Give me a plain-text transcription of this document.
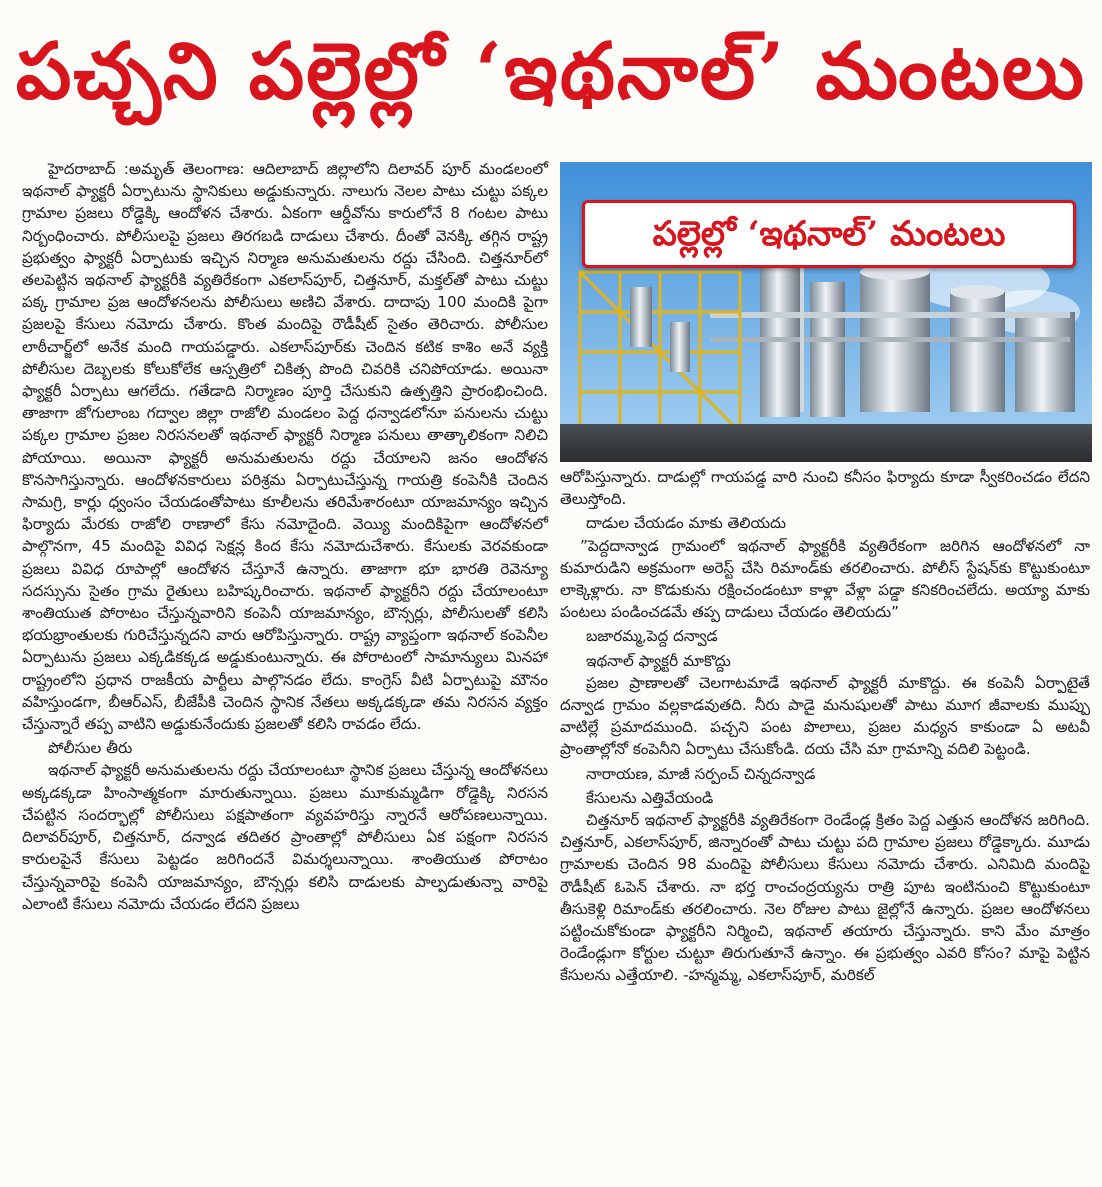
పచ్చని పల్లెల్లో ‘ఇథనాల్’ మంటలు

హైదరాబాద్ :అమృత్ తెలంగాణ: ఆదిలాబాద్ జిల్లాలోని దిలావర్ పూర్ మండలంలో ఇథనాల్ ఫ్యాక్టరీ ఏర్పాటును స్థానికులు అడ్డుకున్నారు. నాలుగు నెలల పాటు చుట్టు పక్కల గ్రామాల ప్రజలు రోడ్డెక్కి ఆందోళన చేశారు. ఏకంగా ఆర్డీవోను కారులోనే 8 గంటల పాటు నిర్బంధించారు. పోలీసులపై ప్రజలు తిరగబడి దాడులు చేశారు. దీంతో వెనక్కి తగ్గిన రాష్ట్ర ప్రభుత్వం ఫ్యాక్టరీ ఏర్పాటుకు ఇచ్చిన నిర్మాణ అనుమతులను రద్దు చేసింది. చిత్తనూర్‌లో తలపెట్టిన ఇథనాల్ ఫ్యాక్టరీకి వ్యతిరేకంగా ఎకలాస్‌పూర్, చిత్తనూర్, మక్తల్‌తో పాటు చుట్టు పక్క గ్రామాల ప్రజ ఆందోళనలను పోలీసులు అణిచి వేశారు. దాదాపు 100 మందికి పైగా ప్రజలపై కేసులు నమోదు చేశారు. కొంత మందిపై రౌడీషీట్ సైతం తెరిచారు. పోలీసుల లాఠీచార్జ్‌లో అనేక మంది గాయపడ్డారు. ఎకలాస్‌పూర్‌కు చెందిన కటిక కాశిం అనే వ్యక్తి పోలీసుల దెబ్బలకు కోలుకోలేక ఆస్పత్రిలో చికిత్స పొంది చివరికి చనిపోయాడు. అయినా ఫ్యాక్టరీ ఏర్పాటు ఆగలేదు. గతేడాది నిర్మాణం పూర్తి చేసుకుని ఉత్పత్తిని ప్రారంభించింది. తాజాగా జోగులాంబ గద్వాల జిల్లా రాజోలి మండలం పెద్ద ధన్వాడలోనూ పనులను చుట్టు పక్కల గ్రామాల ప్రజల నిరసనలతో ఇథనాల్ ఫ్యాక్టరీ నిర్మాణ పనులు తాత్కాలికంగా నిలిచి పోయాయి. అయినా ఫ్యాక్టరీ అనుమతులను రద్దు చేయాలని జనం ఆందోళన కొనసాగిస్తున్నారు. ఆందోళనకారులు పరిశ్రమ ఏర్పాటుచేస్తున్న గాయత్రి కంపెనీకి చెందిన సామగ్రి, కార్లు ధ్వంసం చేయడంతోపాటు కూలీలను తరిమేశారంటూ యాజమాన్యం ఇచ్చిన ఫిర్యాదు మేరకు రాజోలి రాణాలో కేసు నమోదైంది. వెయ్యి మందికిపైగా ఆందోళనలో పాల్గొనగా, 45 మందిపై వివిధ సెక్షన్ల కింద కేసు నమోదుచేశారు. కేసులకు వెరవకుండా ప్రజలు వివిధ రూపాల్లో ఆందోళన చేస్తూనే ఉన్నారు. తాజాగా భూ భారతి రెవెన్యూ సదస్సును సైతం గ్రామ రైతులు బహిష్కరించారు. ఇథనాల్ ఫ్యాక్టరీని రద్దు చేయాలంటూ శాంతియుత పోరాటం చేస్తున్నవారిని కంపెనీ యాజమాన్యం, బౌన్సర్లు, పోలీసులతో కలిసి భయభ్రాంతులకు గురిచేస్తున్నదని వారు ఆరోపిస్తున్నారు. రాష్ట్ర వ్యాప్తంగా ఇథనాల్ కంపెనీల ఏర్పాటును ప్రజలు ఎక్కడికక్కడ అడ్డుకుంటున్నారు. ఈ పోరాటంలో సామాన్యులు మినహా రాష్ట్రంలోని ప్రధాన రాజకీయ పార్టీలు పాల్గొనడం లేదు. కాంగ్రెస్ వీటి ఏర్పాటుపై మౌనం వహిస్తుండగా, బీఆర్ఎస్, బీజేపీకి చెందిన స్థానిక నేతలు అక్కడక్కడా తమ నిరసన వ్యక్తం చేస్తున్నారే తప్ప వాటిని అడ్డుకునేందుకు ప్రజలతో కలిసి రావడం లేదు.

పోలీసుల తీరు

ఇథనాల్ ఫ్యాక్టరీ అనుమతులను రద్దు చేయాలంటూ స్థానిక ప్రజలు చేస్తున్న ఆందోళనలు అక్కడక్కడా హింసాత్మకంగా మారుతున్నాయి. ప్రజలు మూకుమ్మడిగా రోడ్డెక్కి నిరసన చేపట్టిన సందర్భాల్లో పోలీసులు పక్షపాతంగా వ్యవహరిస్తు న్నారనే ఆరోపణలున్నాయి. దిలావర్‌పూర్, చిత్తనూర్, దన్వాడ తదితర ప్రాంతాల్లో పోలీసులు ఏక పక్షంగా నిరసన కారులపైనే కేసులు పెట్టడం జరిగిందనే విమర్శలున్నాయి. శాంతియుత పోరాటం చేస్తున్నవారిపై కంపెనీ యాజమాన్యం, బౌన్సర్లు కలిసి దాడులకు పాల్పడుతున్నా వారిపై ఎలాంటి కేసులు నమోదు చేయడం లేదని ప్రజలు

పల్లెల్లో ‘ఇథనాల్’ మంటలు

ఆరోపిస్తున్నారు. దాడుల్లో గాయపడ్డ వారి నుంచి కనీసం ఫిర్యాదు కూడా స్వీకరించడం లేదని తెలుస్తోంది.

దాడుల చేయడం మాకు తెలియదు

”పెద్దదాన్వాడ గ్రామంలో ఇథనాల్ ఫ్యాక్టరీకి వ్యతిరేకంగా జరిగిన ఆందోళనలో నా కుమారుడిని అక్రమంగా అరెస్ట్ చేసి రిమాండ్‌కు తరలించారు. పోలీస్ స్టేషన్‌కు కొట్టుకుంటూ లాక్కెళ్లారు. నా కొడుకును రక్షించండంటూ కాళ్లా వేళ్లా పడ్డా కనికరించలేదు. అయ్యా మాకు పంటలు పండించడమే తప్ప దాడులు చేయడం తెలియదు”

బజారమ్మ,పెద్ద దన్వాడ

ఇథనాల్ ఫ్యాక్టరీ మాకొద్దు

ప్రజల ప్రాణాలతో చెలగాటమాడే ఇథనాల్ ఫ్యాక్టరీ మాకొద్దు. ఈ కంపెనీ ఏర్పాటైతే దన్వాడ గ్రామం వల్లకాడవుతది. నీరు పాడై మనుషులతో పాటు మూగ జీవాలకు ముప్పు వాటిల్లే ప్రమాదముంది. పచ్చని పంట పొలాలు, ప్రజల మధ్యన కాకుండా ఏ అటవీ ప్రాంతాల్లోనో కంపెనీని ఏర్పాటు చేసుకోండి. దయ చేసి మా గ్రామాన్ని వదిలి పెట్టండి.

నారాయణ, మాజీ సర్పంచ్ చిన్నదన్వాడ

కేసులను ఎత్తివేయండి

చిత్తనూర్ ఇథనాల్ ఫ్యాక్టరీకి వ్యతిరేకంగా రెండేండ్ల క్రితం పెద్ద ఎత్తున ఆందోళన జరిగింది. చిత్తనూర్, ఎకలాస్‌పూర్, జిన్నారంతో పాటు చుట్టు పది గ్రామాల ప్రజలు రోడ్డెక్కారు. మూడు గ్రామాలకు చెందిన 98 మందిపై పోలీసులు కేసులు నమోదు చేశారు. ఎనిమిది మందిపై రౌడీషీట్ ఓపెన్ చేశారు. నా భర్త రాంచంద్రయ్యను రాత్రి పూట ఇంటినుంచి కొట్టుకుంటూ తీసుకెళ్లి రిమాండ్‌కు తరలించారు. నెల రోజుల పాటు జైల్లోనే ఉన్నారు. ప్రజల ఆందోళనలు పట్టించుకోకుండా ఫ్యాక్టరీని నిర్మించి, ఇథనాల్ తయారు చేస్తున్నారు. కాని మేం మాత్రం రెండేండ్లుగా కోర్టుల చుట్టూ తిరుగుతూనే ఉన్నాం. ఈ ప్రభుత్వం ఎవరి కోసం? మాపై పెట్టిన కేసులను ఎత్తేయాలి. -హన్మమ్మ, ఎకలాస్‌పూర్, మరికల్
